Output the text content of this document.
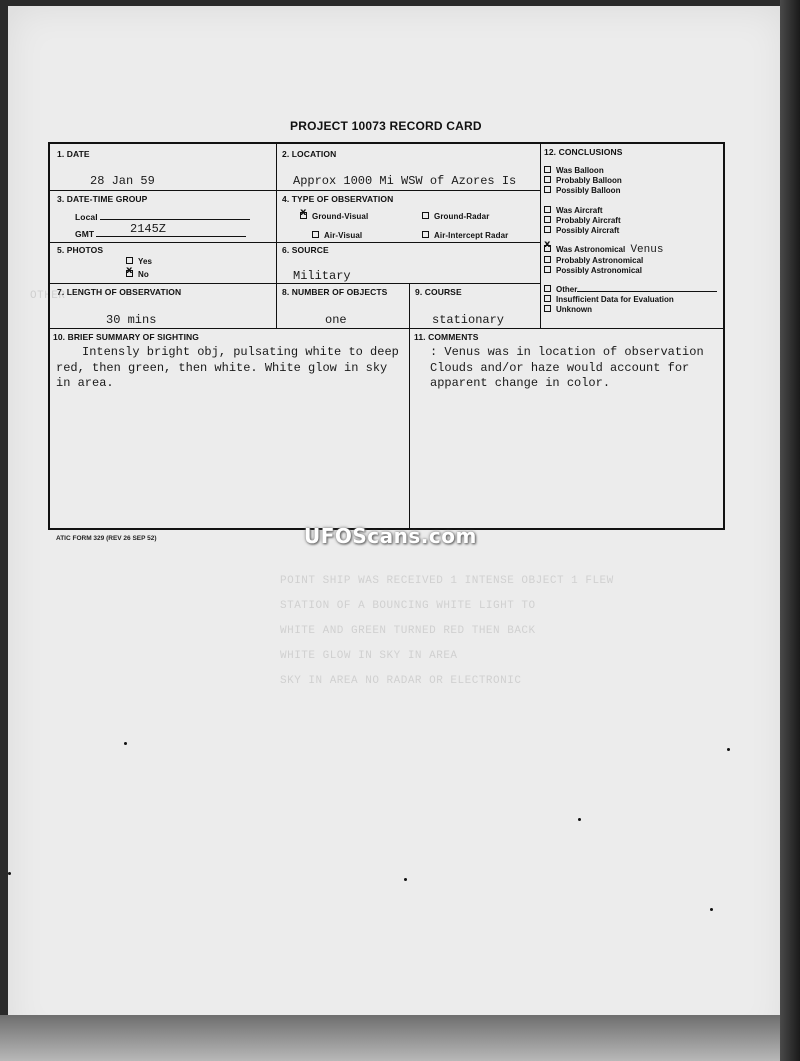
OTHER
POINT SHIP WAS RECEIVED 1 INTENSE OBJECT 1 FLEW
STATION OF A BOUNCING WHITE LIGHT TO
WHITE AND GREEN TURNED RED THEN BACK
WHITE GLOW IN SKY IN AREA
SKY IN AREA NO RADAR OR ELECTRONIC
PROJECT 10073 RECORD CARD
1. DATE
28 Jan 59
2. LOCATION
Approx 1000 Mi WSW of Azores Is
3. DATE-TIME GROUP
Local
GMT	2145Z
4. TYPE OF OBSERVATION
xGround-Visual	Ground-Radar
Air-Visual	Air-Intercept Radar
5. PHOTOS
Yes
xNo
6. SOURCE
Military
7. LENGTH OF OBSERVATION
30 mins
8. NUMBER OF OBJECTS
one
9. COURSE
stationary
10. BRIEF SUMMARY OF SIGHTING
Intensly bright obj, pulsating white to deep
red, then green, then white. White glow in sky
in area.
11. COMMENTS
: Venus was in location of observation
Clouds and/or haze would account for
apparent change in color.
12. CONCLUSIONS
Was Balloon
Probably Balloon
Possibly Balloon
Was Aircraft
Probably Aircraft
Possibly Aircraft
xWas Astronomical Venus
Probably Astronomical
Possibly Astronomical
Other
Insufficient Data for Evaluation
Unknown
ATIC FORM 329 (REV 26 SEP 52)	UFOScans.com
